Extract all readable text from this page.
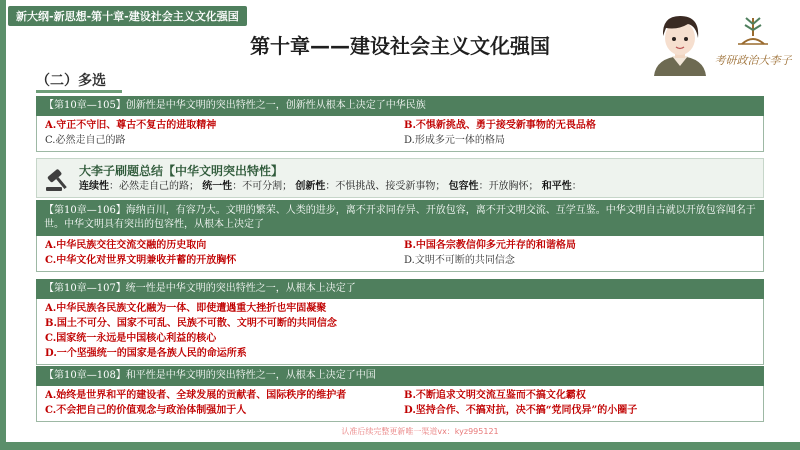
新大纲-新思想-第十章-建设社会主义文化强国
第十章——建设社会主义文化强国
考研政治大李子
（二）多选
【第10章—105】创新性是中华文明的突出特性之一，创新性从根本上决定了中华民族
A.守正不守旧、尊古不复古的进取精神	B.不惧新挑战、勇于接受新事物的无畏品格
C.必然走自己的路	D.形成多元一体的格局
大李子刷题总结【中华文明突出特性】
连续性：必然走自己的路； 统一性：不可分割； 创新性：不惧挑战、接受新事物； 包容性：开放胸怀； 和平性：
【第10章—106】海纳百川，有容乃大。文明的繁荣、人类的进步，离不开求同存异、开放包容，离不开文明交流、互学互鉴。中华文明自古就以开放包容闻名于世。中华文明具有突出的包容性，从根本上决定了
A.中华民族交往交流交融的历史取向	B.中国各宗教信仰多元并存的和谐格局
C.中华文化对世界文明兼收并蓄的开放胸怀	D.文明不可断的共同信念
【第10章—107】统一性是中华文明的突出特性之一，从根本上决定了
A.中华民族各民族文化融为一体、即使遭遇重大挫折也牢固凝聚
B.国土不可分、国家不可乱、民族不可散、文明不可断的共同信念
C.国家统一永远是中国核心利益的核心
D.一个坚强统一的国家是各族人民的命运所系
【第10章—108】和平性是中华文明的突出特性之一，从根本上决定了中国
A.始终是世界和平的建设者、全球发展的贡献者、国际秩序的维护者	B.不断追求文明交流互鉴而不搞文化霸权
C.不会把自己的价值观念与政治体制强加于人	D.坚持合作、不搞对抗，决不搞“党同伐异”的小圈子
认准后续完整更新唯一渠道vx：kyz995121
